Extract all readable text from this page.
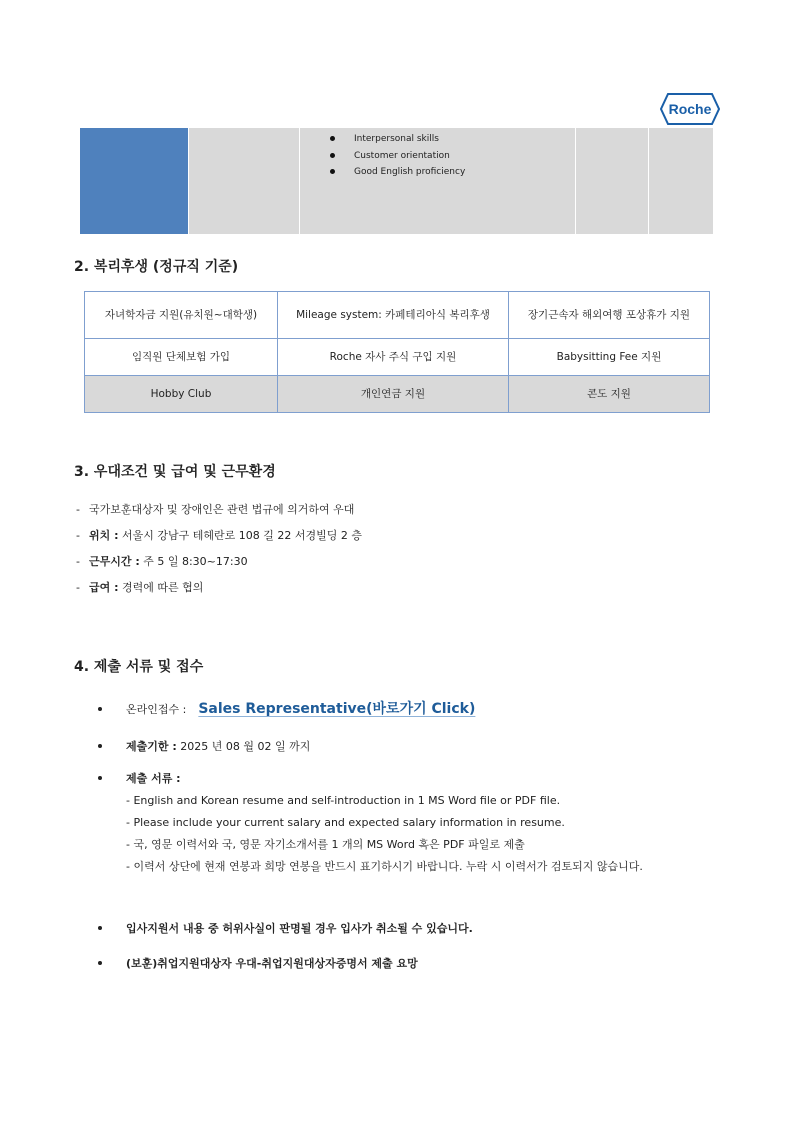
Roche
Interpersonal skills
Customer orientation
Good English proficiency
2. 복리후생 (정규직 기준)
자녀학자금 지원(유치원~대학생)	Mileage system: 카페테리아식 복리후생	장기근속자 해외여행 포상휴가 지원
임직원 단체보험 가입	Roche 자사 주식 구입 지원	Babysitting Fee 지원
Hobby Club	개인연금 지원	콘도 지원
3. 우대조건 및 급여 및 근무환경
- 국가보훈대상자 및 장애인은 관련 법규에 의거하여 우대
- 위치 : 서울시 강남구 테헤란로 108 길 22 서경빌딩 2 층
- 근무시간 : 주 5 일 8:30~17:30
- 급여 : 경력에 따른 협의
4. 제출 서류 및 접수
온라인접수 : Sales Representative(바로가기 Click)
제출기한 : 2025 년 08 월 02 일 까지
제출 서류 :

- English and Korean resume and self-introduction in 1 MS Word file or PDF file.

- Please include your current salary and expected salary information in resume.

- 국, 영문 이력서와 국, 영문 자기소개서를 1 개의 MS Word 혹은 PDF 파일로 제출

- 이력서 상단에 현재 연봉과 희망 연봉을 반드시 표기하시기 바랍니다. 누락 시 이력서가 검토되지 않습니다.

입사지원서 내용 중 허위사실이 판명될 경우 입사가 취소될 수 있습니다.
(보훈)취업지원대상자 우대-취업지원대상자증명서 제출 요망
